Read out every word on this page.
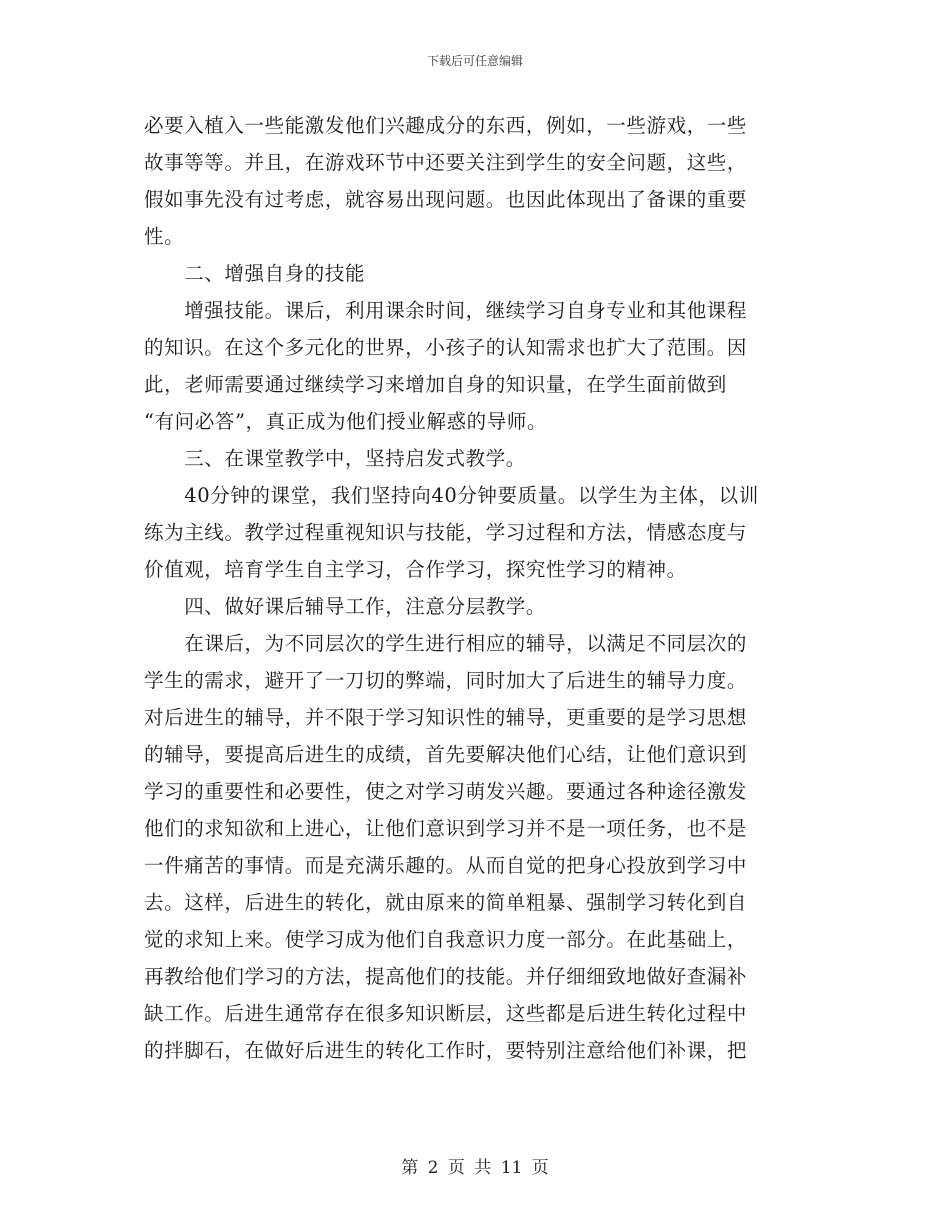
下载后可任意编辑
必要入植入一些能激发他们兴趣成分的东西，例如，一些游戏，一些
故事等等。并且，在游戏环节中还要关注到学生的安全问题，这些，
假如事先没有过考虑，就容易出现问题。也因此体现出了备课的重要
性。
　　二、增强自身的技能
　　增强技能。课后，利用课余时间，继续学习自身专业和其他课程
的知识。在这个多元化的世界，小孩子的认知需求也扩大了范围。因
此，老师需要通过继续学习来增加自身的知识量，在学生面前做到
“有问必答”，真正成为他们授业解惑的导师。
　　三、在课堂教学中，坚持启发式教学。
　　40分钟的课堂，我们坚持向40分钟要质量。以学生为主体，以训
练为主线。教学过程重视知识与技能，学习过程和方法，情感态度与
价值观，培育学生自主学习，合作学习，探究性学习的精神。
　　四、做好课后辅导工作，注意分层教学。
　　在课后，为不同层次的学生进行相应的辅导，以满足不同层次的
学生的需求，避开了一刀切的弊端，同时加大了后进生的辅导力度。
对后进生的辅导，并不限于学习知识性的辅导，更重要的是学习思想
的辅导，要提高后进生的成绩，首先要解决他们心结，让他们意识到
学习的重要性和必要性，使之对学习萌发兴趣。要通过各种途径激发
他们的求知欲和上进心，让他们意识到学习并不是一项任务，也不是
一件痛苦的事情。而是充满乐趣的。从而自觉的把身心投放到学习中
去。这样，后进生的转化，就由原来的简单粗暴、强制学习转化到自
觉的求知上来。使学习成为他们自我意识力度一部分。在此基础上，
再教给他们学习的方法，提高他们的技能。并仔细细致地做好查漏补
缺工作。后进生通常存在很多知识断层，这些都是后进生转化过程中
的拌脚石，在做好后进生的转化工作时，要特别注意给他们补课，把
第 2 页 共 11 页
